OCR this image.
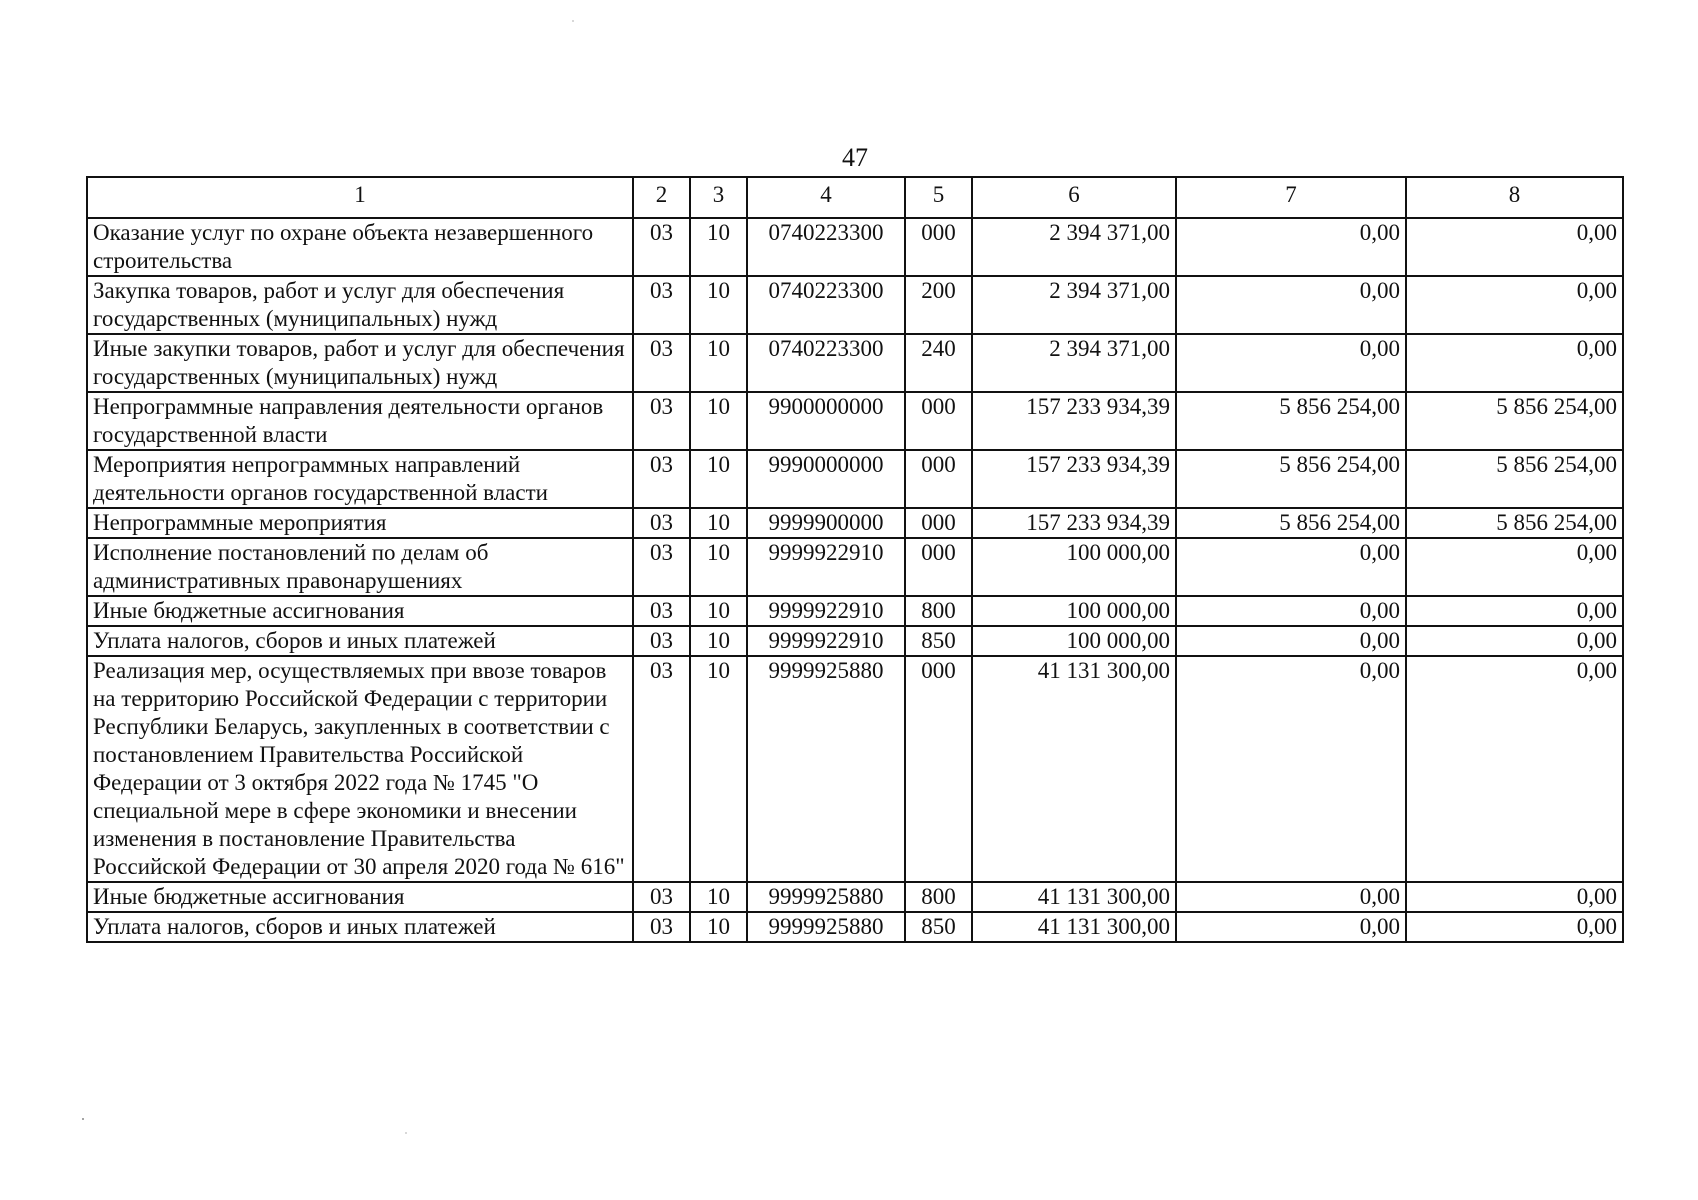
47
1	2	3	4	5	6	7	8
Оказание услуг по охране объекта незавершенного строительства	03	10	0740223300	000	2 394 371,00	0,00	0,00
Закупка товаров, работ и услуг для обеспечения государственных (муниципальных) нужд	03	10	0740223300	200	2 394 371,00	0,00	0,00
Иные закупки товаров, работ и услуг для обеспечения государственных (муниципальных) нужд	03	10	0740223300	240	2 394 371,00	0,00	0,00
Непрограммные направления деятельности органов государственной власти	03	10	9900000000	000	157 233 934,39	5 856 254,00	5 856 254,00
Мероприятия непрограммных направлений деятельности органов государственной власти	03	10	9990000000	000	157 233 934,39	5 856 254,00	5 856 254,00
Непрограммные мероприятия	03	10	9999900000	000	157 233 934,39	5 856 254,00	5 856 254,00
Исполнение постановлений по делам об административных правонарушениях	03	10	9999922910	000	100 000,00	0,00	0,00
Иные бюджетные ассигнования	03	10	9999922910	800	100 000,00	0,00	0,00
Уплата налогов, сборов и иных платежей	03	10	9999922910	850	100 000,00	0,00	0,00
Реализация мер, осуществляемых при ввозе товаров на территорию Российской Федерации с территории Республики Беларусь, закупленных в соответствии с постановлением Правительства Российской Федерации от 3 октября 2022 года № 1745 "О специальной мере в сфере экономики и внесении изменения в постановление Правительства Российской Федерации от 30 апреля 2020 года № 616"	03	10	9999925880	000	41 131 300,00	0,00	0,00
Иные бюджетные ассигнования	03	10	9999925880	800	41 131 300,00	0,00	0,00
Уплата налогов, сборов и иных платежей	03	10	9999925880	850	41 131 300,00	0,00	0,00
